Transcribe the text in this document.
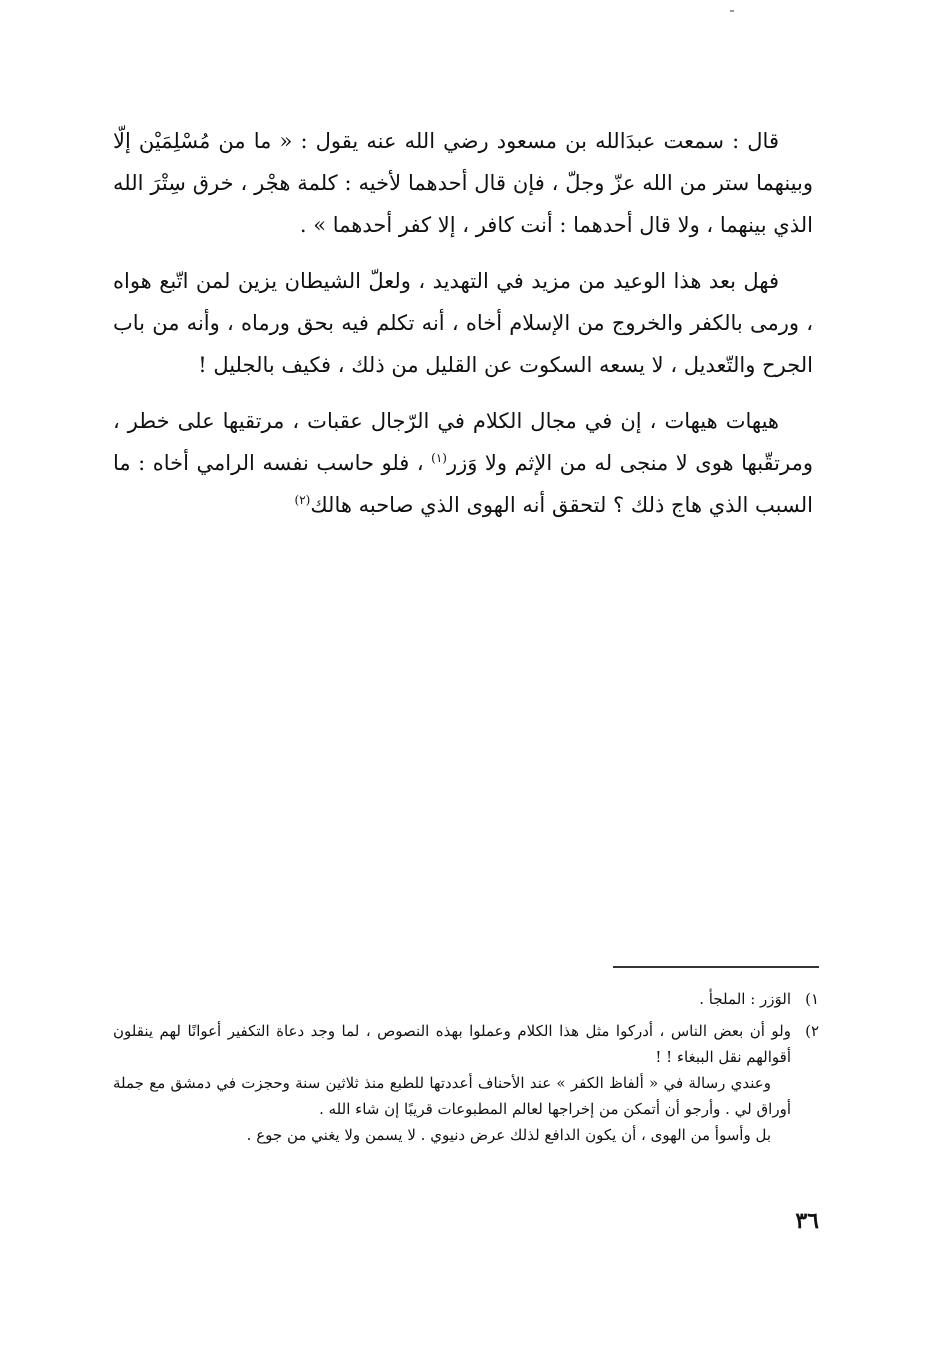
قال : سمعت عبدَالله بن مسعود رضي الله عنه يقول : « ما من مُسْلِمَيْن إلّا وبينهما ستر من الله عزّ وجلّ ، فإن قال أحدهما لأخيه : كلمة هجْر ، خرق سِتْرَ الله الذي بينهما ، ولا قال أحدهما : أنت كافر ، إلا كفر أحدهما » .

فهل بعد هذا الوعيد من مزيد في التهديد ، ولعلّ الشيطان يزين لمن اتّبع هواه ، ورمى بالكفر والخروج من الإسلام أخاه ، أنه تكلم فيه بحق ورماه ، وأنه من باب الجرح والتّعديل ، لا يسعه السكوت عن القليل من ذلك ، فكيف بالجليل !

هيهات هيهات ، إن في مجال الكلام في الرّجال عقبات ، مرتقيها على خطر ، ومرتقّبها هوى لا منجى له من الإثم ولا وَزر$^{(١)}$ ، فلو حاسب نفسه الرامي أخاه : ما السبب الذي هاج ذلك ؟ لتحقق أنه الهوى الذي صاحبه هالك$^{(٢)}$

١)
الوَزر : الملجأ .
٢)

ولو أن بعض الناس ، أدركوا مثل هذا الكلام وعملوا بهذه النصوص ، لما وجد دعاة التكفير أعوانًا لهم ينقلون أقوالهم نقل الببغاء ! !

وعندي رسالة في « ألفاظ الكفر » عند الأحناف أعددتها للطبع منذ ثلاثين سنة وحجزت في دمشق مع جملة أوراق لي . وأرجو أن أتمكن من إخراجها لعالم المطبوعات قريبًا إن شاء الله .

بل وأسوأ من الهوى ، أن يكون الدافع لذلك عرض دنيوي . لا يسمن ولا يغني من جوع .

٣٦
